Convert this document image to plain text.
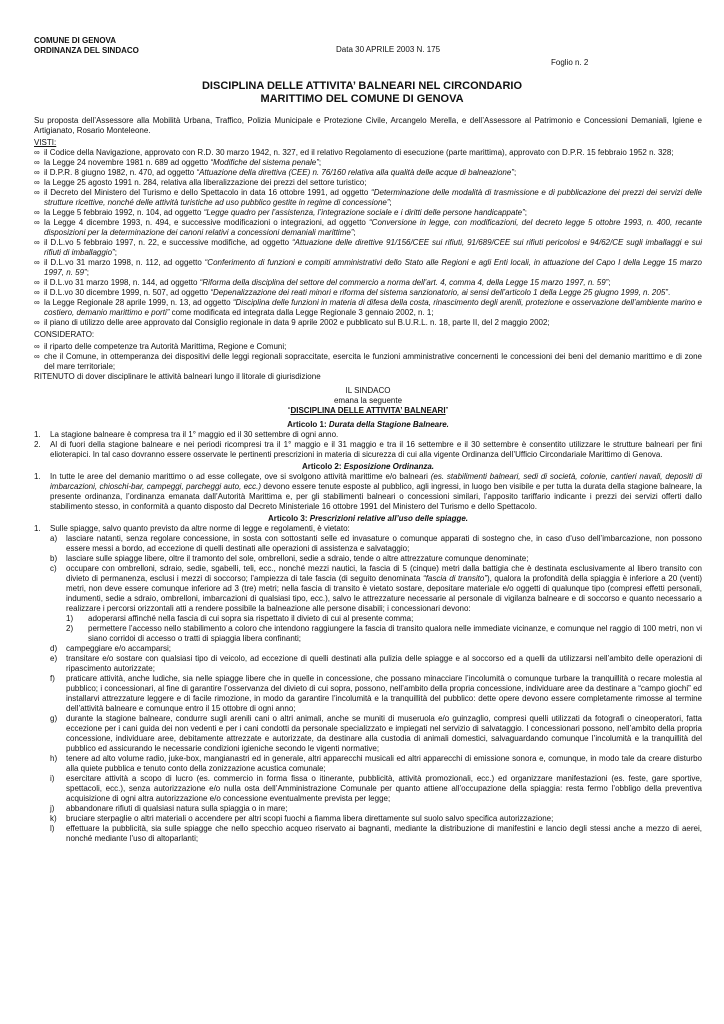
COMUNE DI GENOVA
ORDINANZA DEL SINDACO	Data 30 APRILE 2003 N. 175
Foglio n. 2
DISCIPLINA DELLE ATTIVITA’ BALNEARI NEL CIRCONDARIO
MARITTIMO DEL COMUNE DI GENOVA

Su proposta dell’Assessore alla Mobilità Urbana, Traffico, Polizia Municipale e Protezione Civile, Arcangelo Merella, e dell’Assessore al Patrimonio e Concessioni Demaniali, Igiene e Artigianato, Rosario Monteleone.

VISTI:
∞ il Codice della Navigazione, approvato con R.D. 30 marzo 1942, n. 327, ed il relativo Regolamento di esecuzione (parte marittima), approvato con D.P.R. 15 febbraio 1952 n. 328;
∞ la Legge 24 novembre 1981 n. 689 ad oggetto “Modifiche del sistema penale”;
∞ il D.P.R. 8 giugno 1982, n. 470, ad oggetto “Attuazione della direttiva (CEE) n. 76/160 relativa alla qualità delle acque di balneazione”;
∞ la Legge 25 agosto 1991 n. 284, relativa alla liberalizzazione dei prezzi del settore turistico;
∞ il Decreto del Ministero del Turismo e dello Spettacolo in data 16 ottobre 1991, ad oggetto “Determinazione delle modalità di trasmissione e di pubblicazione dei prezzi dei servizi delle strutture ricettive, nonché delle attività turistiche ad uso pubblico gestite in regime di concessione”;
∞ la Legge 5 febbraio 1992, n. 104, ad oggetto “Legge quadro per l’assistenza, l’integrazione sociale e i diritti delle persone handicappate”;
∞ la Legge 4 dicembre 1993, n. 494, e successive modificazioni o integrazioni, ad oggetto “Conversione in legge, con modificazioni, del decreto legge 5 ottobre 1993, n. 400, recante disposizioni per la determinazione dei canoni relativi a concessioni demaniali marittime”;
∞ il D.L.vo 5 febbraio 1997, n. 22, e successive modifiche, ad oggetto “Attuazione delle direttive 91/156/CEE sui rifiuti, 91/689/CEE sui rifiuti pericolosi e 94/62/CE sugli imballaggi e sui rifiuti di imballaggio”;
∞ il D.L.vo 31 marzo 1998, n. 112, ad oggetto “Conferimento di funzioni e compiti amministrativi dello Stato alle Regioni e agli Enti locali, in attuazione del Capo I della Legge 15 marzo 1997, n. 59”;
∞ il D.L.vo 31 marzo 1998, n. 144, ad oggetto “Riforma della disciplina del settore del commercio a norma dell’art. 4, comma 4, della Legge 15 marzo 1997, n. 59”;
∞ il D.L.vo 30 dicembre 1999, n. 507, ad oggetto “Depenalizzazione dei reati minori e riforma del sistema sanzionatorio, ai sensi dell’articolo 1 della Legge 25 giugno 1999, n. 205”.
∞ la Legge Regionale 28 aprile 1999, n. 13, ad oggetto “Disciplina delle funzioni in materia di difesa della costa, rinascimento degli arenili, protezione e osservazione dell’ambiente marino e costiero, demanio marittimo e porti” come modificata ed integrata dalla Legge Regionale 3 gennaio 2002, n. 1;
∞ il piano di utilizzo delle aree approvato dal Consiglio regionale in data 9 aprile 2002 e pubblicato sul B.U.R.L. n. 18, parte II, del 2 maggio 2002;
CONSIDERATO:
∞ il riparto delle competenze tra Autorità Marittima, Regione e Comuni;
∞ che il Comune, in ottemperanza dei dispositivi delle leggi regionali sopraccitate, esercita le funzioni amministrative concernenti le concessioni dei beni del demanio marittimo e di zone del mare territoriale;
RITENUTO di dover disciplinare le attività balneari lungo il litorale di giurisdizione
IL SINDACO
emana la seguente
“DISCIPLINA DELLE ATTIVITA’ BALNEARI”
Articolo 1: Durata della Stagione Balneare.
1.	La stagione balneare è compresa tra il 1° maggio ed il 30 settembre di ogni anno.
2.	Al di fuori della stagione balneare e nei periodi ricompresi tra il 1° maggio e il 31 maggio e tra il 16 settembre e il 30 settembre è consentito utilizzare le strutture balneari per fini elioterapici. In tal caso dovranno essere osservate le pertinenti prescrizioni in materia di sicurezza di cui alla vigente Ordinanza dell’Ufficio Circondariale Marittimo di Genova.
Articolo 2: Esposizione Ordinanza.
1.	In tutte le aree del demanio marittimo o ad esse collegate, ove si svolgono attività marittime e/o balneari (es. stabilimenti balneari, sedi di società, colonie, cantieri navali, depositi di imbarcazioni, chioschi-bar, campeggi, parcheggi auto, ecc.) devono essere tenute esposte al pubblico, agli ingressi, in luogo ben visibile e per tutta la durata della stagione balneare, la presente ordinanza, l’ordinanza emanata dall’Autorità Marittima e, per gli stabilimenti balneari o concessioni similari, l’apposito tariffario indicante i prezzi dei servizi offerti dallo stabilimento stesso, in conformità a quanto disposto dal Decreto Ministeriale 16 ottobre 1991 del Ministero del Turismo e dello Spettacolo.
Articolo 3: Prescrizioni relative all’uso delle spiagge.
1.	Sulle spiagge, salvo quanto previsto da altre norme di legge e regolamenti, è vietato:
a)	lasciare natanti, senza regolare concessione, in sosta con sottostanti selle ed invasature o comunque apparati di sostegno che, in caso d’uso dell’imbarcazione, non possono essere messi a bordo, ad eccezione di quelli destinati alle operazioni di assistenza e salvataggio;
b)	lasciare sulle spiagge libere, oltre il tramonto del sole, ombrelloni, sedie a sdraio, tende o altre attrezzature comunque denominate;
c)	occupare con ombrelloni, sdraio, sedie, sgabelli, teli, ecc., nonché mezzi nautici, la fascia di 5 (cinque) metri dalla battigia che è destinata esclusivamente al libero transito con divieto di permanenza, esclusi i mezzi di soccorso; l’ampiezza di tale fascia (di seguito denominata “fascia di transito”), qualora la profondità della spiaggia è inferiore a 20 (venti) metri, non deve essere comunque inferiore ad 3 (tre) metri; nella fascia di transito è vietato sostare, depositare materiale e/o oggetti di qualunque tipo (compresi effetti personali, indumenti, sedie a sdraio, ombrelloni, imbarcazioni di qualsiasi tipo, ecc.), salvo le attrezzature necessarie al personale di vigilanza balneare e di soccorso e quanto necessario a realizzare i percorsi orizzontali atti a rendere possibile la balneazione alle persone disabili; i concessionari devono:
1)	adoperarsi affinché nella fascia di cui sopra sia rispettato il divieto di cui al presente comma;
2)	permettere l’accesso nello stabilimento a coloro che intendono raggiungere la fascia di transito qualora nelle immediate vicinanze, e comunque nel raggio di 100 metri, non vi siano corridoi di accesso o tratti di spiaggia libera confinanti;
d)	campeggiare e/o accamparsi;
e)	transitare e/o sostare con qualsiasi tipo di veicolo, ad eccezione di quelli destinati alla pulizia delle spiagge e al soccorso ed a quelli da utilizzarsi nell’ambito delle operazioni di ripascimento autorizzate;
f)	praticare attività, anche ludiche, sia nelle spiagge libere che in quelle in concessione, che possano minacciare l’incolumità o comunque turbare la tranquillità o recare molestia al pubblico; i concessionari, al fine di garantire l’osservanza del divieto di cui sopra, possono, nell’ambito della propria concessione, individuare aree da destinare a “campo giochi” ed installarvi attrezzature leggere e di facile rimozione, in modo da garantire l’incolumità e la tranquillità del pubblico: dette opere devono essere completamente rimosse al termine dell’attività balneare e comunque entro il 15 ottobre di ogni anno;
g)	durante la stagione balneare, condurre sugli arenili cani o altri animali, anche se muniti di museruola e/o guinzaglio, compresi quelli utilizzati da fotografi o cineoperatori, fatta eccezione per i cani guida dei non vedenti e per i cani condotti da personale specializzato e impiegati nel servizio di salvataggio. I concessionari possono, nell’ambito della propria concessione, individuare aree, debitamente attrezzate e autorizzate, da destinare alla custodia di animali domestici, salvaguardando comunque l’incolumità e la tranquillità del pubblico ed assicurando le necessarie condizioni igieniche secondo le vigenti normative;
h)	tenere ad alto volume radio, juke-box, mangianastri ed in generale, altri apparecchi musicali ed altri apparecchi di emissione sonora e, comunque, in modo tale da creare disturbo alla quiete pubblica e tenuto conto della zonizzazione acustica comunale;
i)	esercitare attività a scopo di lucro (es. commercio in forma fissa o itinerante, pubblicità, attività promozionali, ecc.) ed organizzare manifestazioni (es. feste, gare sportive, spettacoli, ecc.), senza autorizzazione e/o nulla osta dell’Amministrazione Comunale per quanto attiene all’occupazione della spiaggia: resta fermo l’obbligo della preventiva acquisizione di ogni altra autorizzazione e/o concessione eventualmente prevista per legge;
j)	abbandonare rifiuti di qualsiasi natura sulla spiaggia o in mare;
k)	bruciare sterpaglie o altri materiali o accendere per altri scopi fuochi a fiamma libera direttamente sul suolo salvo specifica autorizzazione;
l)	effettuare la pubblicità, sia sulle spiagge che nello specchio acqueo riservato ai bagnanti, mediante la distribuzione di manifestini e lancio degli stessi anche a mezzo di aerei, nonché mediante l’uso di altoparlanti;
